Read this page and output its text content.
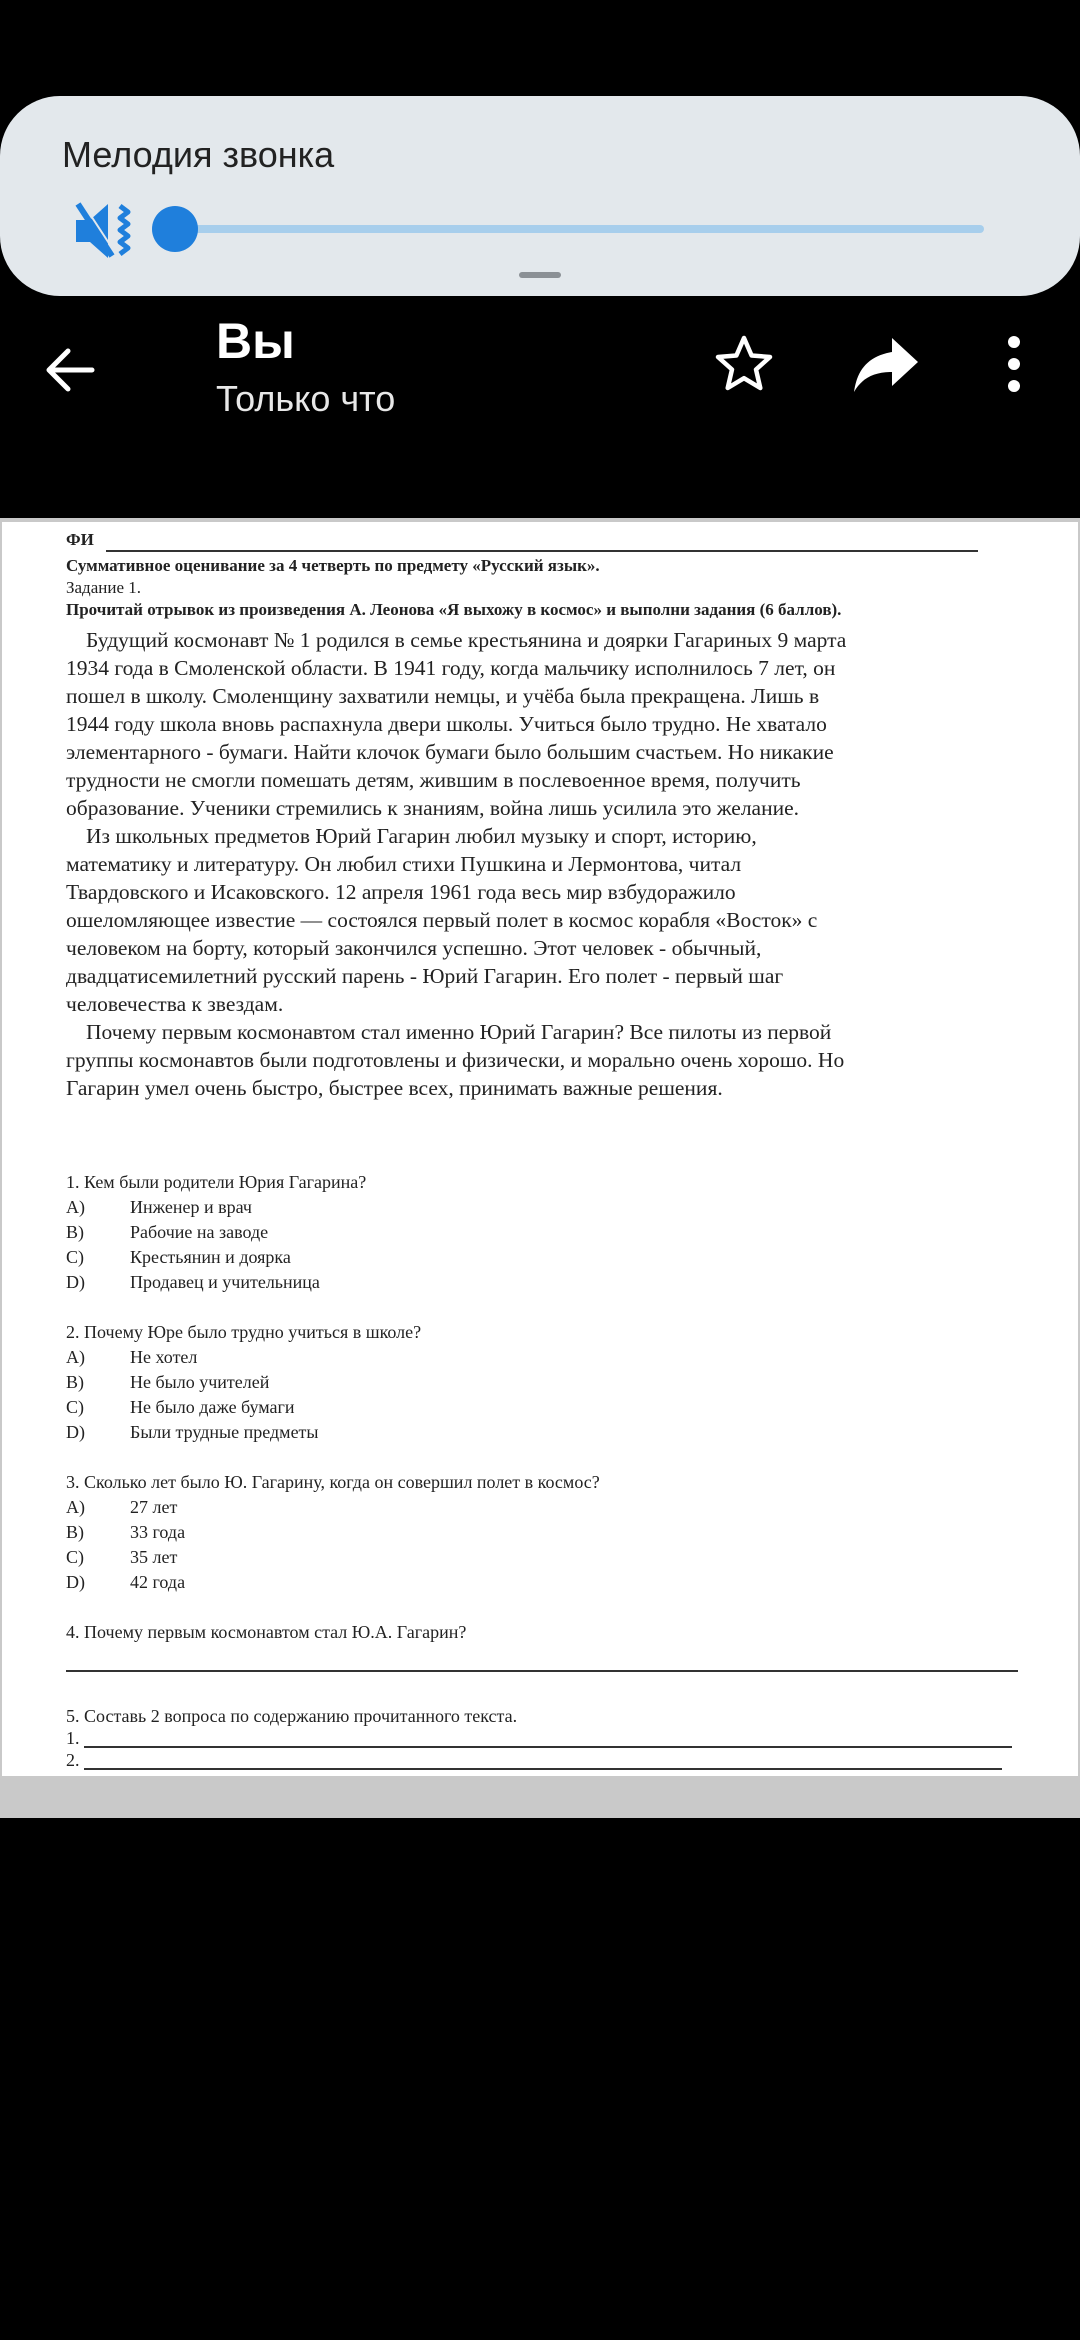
Мелодия звонка
Вы
Только что
ФИ
Суммативное оценивание за 4 четверть по предмету «Русский язык».
Задание 1.
Прочитай отрывок из произведения А. Леонова «Я выхожу в космос» и выполни задания (6 баллов).
Будущий космонавт № 1 родился в семье крестьянина и доярки Гагариных 9 марта
1934 года в Смоленской области. В 1941 году, когда мальчику исполнилось 7 лет, он
пошел в школу. Смоленщину захватили немцы, и учёба была прекращена. Лишь в
1944 году школа вновь распахнула двери школы. Учиться было трудно. Не хватало
элементарного - бумаги. Найти клочок бумаги было большим счастьем. Но никакие
трудности не смогли помешать детям, жившим в послевоенное время, получить
образование. Ученики стремились к знаниям, война лишь усилила это желание.
Из школьных предметов Юрий Гагарин любил музыку и спорт, историю,
математику и литературу. Он любил стихи Пушкина и Лермонтова, читал
Твардовского и Исаковского. 12 апреля 1961 года весь мир взбудоражило
ошеломляющее известие — состоялся первый полет в космос корабля «Восток» с
человеком на борту, который закончился успешно. Этот человек - обычный,
двадцатисемилетний русский парень - Юрий Гагарин. Его полет - первый шаг
человечества к звездам.
Почему первым космонавтом стал именно Юрий Гагарин? Все пилоты из первой
группы космонавтов были подготовлены и физически, и морально очень хорошо. Но
Гагарин умел очень быстро, быстрее всех, принимать важные решения.
1. Кем были родители Юрия Гагарина?
A)	Инженер и врач
B)	Рабочие на заводе
C)	Крестьянин и доярка
D)	Продавец и учительница
2. Почему Юре было трудно учиться в школе?
A)	Не хотел
B)	Не было учителей
C)	Не было даже бумаги
D)	Были трудные предметы
3. Сколько лет было Ю. Гагарину, когда он совершил полет в космос?
A)	27 лет
B)	33 года
C)	35 лет
D)	42 года
4. Почему первым космонавтом стал Ю.А. Гагарин?
5. Составь 2 вопроса по содержанию прочитанного текста.
1.
2.
